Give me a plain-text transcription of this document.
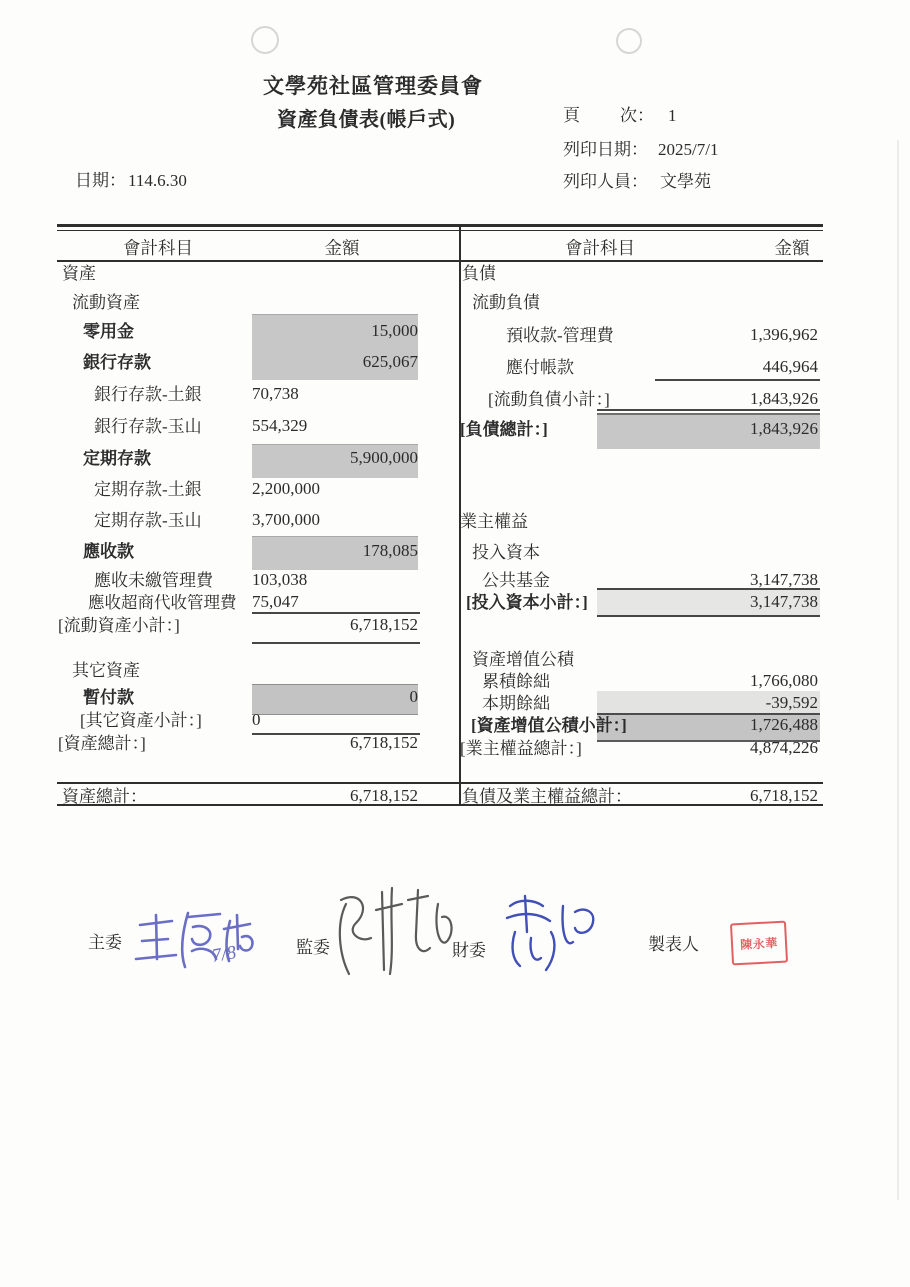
文學苑社區管理委員會
資產負債表(帳戶式)	頁 次： 1
列印日期： 2025/7/1
日期： 114.6.30	列印人員： 文學苑
會計科目	金額	會計科目	金額
資產
流動資產
零用金	15,000
銀行存款	625,067
銀行存款-土銀	70,738
銀行存款-玉山	554,329
定期存款	5,900,000
定期存款-土銀	2,200,000
定期存款-玉山	3,700,000
應收款	178,085
應收未繳管理費 103,038
應收超商代收管理費 75,047
[流動資產小計：]	6,718,152
其它資產
暫付款	0
[其它資產小計：]	0
[資產總計：]	6,718,152
負債
流動負債
預收款-管理費	1,396,962
應付帳款	446,964
[流動負債小計：]	1,843,926
[負債總計：]	1,843,926
業主權益
投入資本
公共基金	3,147,738
[投入資本小計：]	3,147,738
資產增值公積
累積餘絀	1,766,080
本期餘絀	-39,592
[資產增值公積小計：]	1,726,488
[業主權益總計：]	4,874,226
資產總計：	6,718,152	負債及業主權益總計：	6,718,152
主委	7/8	監委	財委	製表人	陳永華
